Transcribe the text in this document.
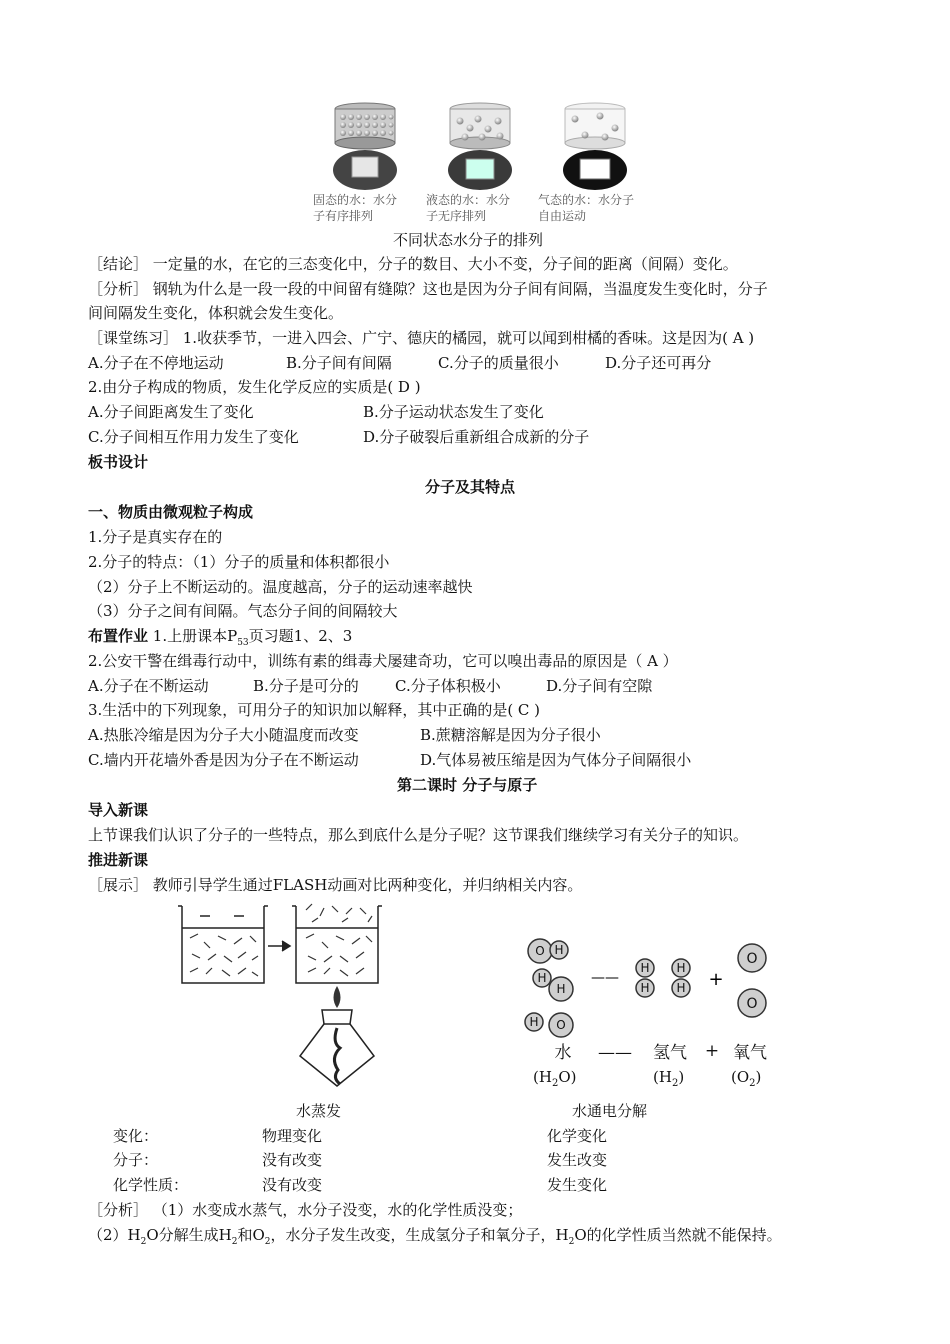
固态的水：水分
子有序排列
液态的水：水分
子无序排列
气态的水：水分子
自由运动
不同状态水分子的排列
［结论］ 一定量的水，在它的三态变化中，分子的数目、大小不变，分子间的距离（间隔）变化。
［分析］ 钢轨为什么是一段一段的中间留有缝隙？这也是因为分子间有间隔，当温度发生变化时，分子
间间隔发生变化，体积就会发生变化。
［课堂练习］ 1.收获季节，一进入四会、广宁、德庆的橘园，就可以闻到柑橘的香味。这是因为( A )
A.分子在不停地运动	B.分子间有间隔	C.分子的质量很小	D.分子还可再分
2.由分子构成的物质，发生化学反应的实质是( D )
A.分子间距离发生了变化	B.分子运动状态发生了变化
C.分子间相互作用力发生了变化	D.分子破裂后重新组合成新的分子
板书设计
分子及其特点
一、物质由微观粒子构成
1.分子是真实存在的
2.分子的特点：（1）分子的质量和体积都很小
（2）分子上不断运动的。温度越高，分子的运动速率越快
（3）分子之间有间隔。气态分子间的间隔较大
布置作业 1.上册课本$P_{53}$页习题1、2、3
2.公安干警在缉毒行动中，训练有素的缉毒犬屡建奇功，它可以嗅出毒品的原因是（ A ）
A.分子在不断运动	B.分子是可分的 C.分子体积极小	D.分子间有空隙
3.生活中的下列现象，可用分子的知识加以解释，其中正确的是( C )
A.热胀冷缩是因为分子大小随温度而改变	B.蔗糖溶解是因为分子很小
C.墙内开花墙外香是因为分子在不断运动	D.气体易被压缩是因为气体分子间隔很小
第二课时 分子与原子
导入新课
上节课我们认识了分子的一些特点，那么到底什么是分子呢？这节课我们继续学习有关分子的知识。
推进新课
［展示］ 教师引导学生通过FLASH动画对比两种变化，并归纳相关内容。
O H
H
H
H O
H
H
H
H
O
O
——	+
水 —— 氢气 + 氧气
$(H_2O)$	$(H_2)$	$(O_2)$
水蒸发	水通电分解
变化：	物理变化	化学变化
分子：	没有改变	发生改变
化学性质：	没有改变	发生变化
［分析］ （1）水变成水蒸气，水分子没变，水的化学性质没变；
$(2)H_2O$分解生成$H_2$和$O_2$，水分子发生改变，生成氢分子和氧分子，$H_2O$的化学性质当然就不能保持。
